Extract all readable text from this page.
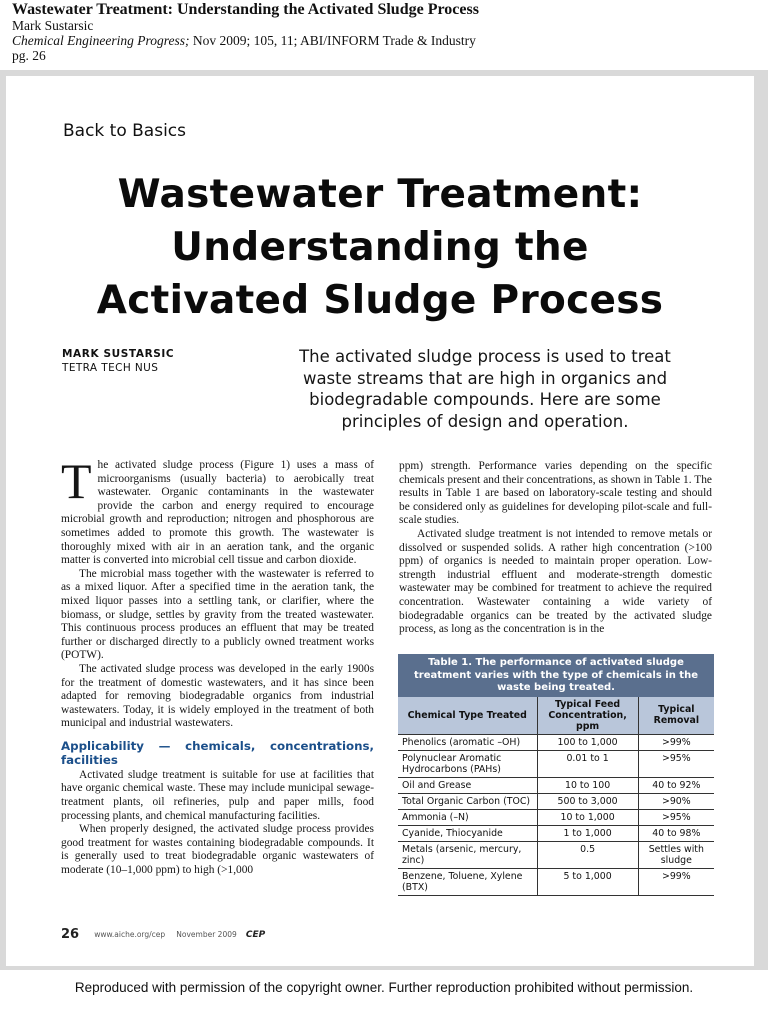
Wastewater Treatment: Understanding the Activated Sludge Process
Mark Sustarsic
Chemical Engineering Progress; Nov 2009; 105, 11; ABI/INFORM Trade & Industry
pg. 26
Back to Basics
Wastewater Treatment:
Understanding the
Activated Sludge Process
MARK SUSTARSIC
TETRA TECH NUS
The activated sludge process is used to treat waste streams that are high in organics and biodegradable compounds. Here are some principles of design and operation.

The activated sludge process (Figure 1) uses a mass of microorganisms (usually bacteria) to aerobically treat wastewater. Organic contaminants in the wastewater provide the carbon and energy required to encourage microbial growth and reproduction; nitrogen and phosphorous are sometimes added to promote this growth. The wastewater is thoroughly mixed with air in an aeration tank, and the organic matter is converted into microbial cell tissue and carbon dioxide.

The microbial mass together with the wastewater is referred to as a mixed liquor. After a specified time in the aeration tank, the mixed liquor passes into a settling tank, or clarifier, where the biomass, or sludge, settles by gravity from the treated wastewater. This continuous process produces an effluent that may be treated further or discharged directly to a publicly owned treatment works (POTW).

The activated sludge process was developed in the early 1900s for the treatment of domestic wastewaters, and it has since been adapted for removing biodegradable organics from industrial wastewaters. Today, it is widely employed in the treatment of both municipal and industrial wastewaters.

Applicability — chemicals, concentrations, facilities

Activated sludge treatment is suitable for use at facilities that have organic chemical waste. These may include municipal sewage-treatment plants, oil refineries, pulp and paper mills, food processing plants, and chemical manufacturing facilities.

When properly designed, the activated sludge process provides good treatment for wastes containing biodegradable compounds. It is generally used to treat biodegradable organic wastewaters of moderate (10–1,000 ppm) to high (>1,000

ppm) strength. Performance varies depending on the specific chemicals present and their concentrations, as shown in Table 1. The results in Table 1 are based on laboratory-scale testing and should be considered only as guidelines for developing pilot-scale and full-scale studies.

Activated sludge treatment is not intended to remove metals or dissolved or suspended solids. A rather high concentration (>100 ppm) of organics is needed to maintain proper operation. Low-strength industrial effluent and moderate-strength domestic wastewater may be combined for treatment to achieve the required concentration. Wastewater containing a wide variety of biodegradable organics can be treated by the activated sludge process, as long as the concentration is in the

Table 1. The performance of activated sludge treatment varies with the type of chemicals in the waste being treated.
Chemical Type Treated	Typical Feed Concentration, ppm	Typical Removal
Phenolics (aromatic –OH)	100 to 1,000	>99%
Polynuclear Aromatic Hydrocarbons (PAHs)	0.01 to 1	>95%
Oil and Grease	10 to 100	40 to 92%
Total Organic Carbon (TOC)	500 to 3,000	>90%
Ammonia (–N)	10 to 1,000	>95%
Cyanide, Thiocyanide	1 to 1,000	40 to 98%
Metals (arsenic, mercury, zinc)	0.5	Settles with sludge
Benzene, Toluene, Xylene (BTX)	5 to 1,000	>99%
26 www.aiche.org/cep November 2009 CEP
Reproduced with permission of the copyright owner. Further reproduction prohibited without permission.
